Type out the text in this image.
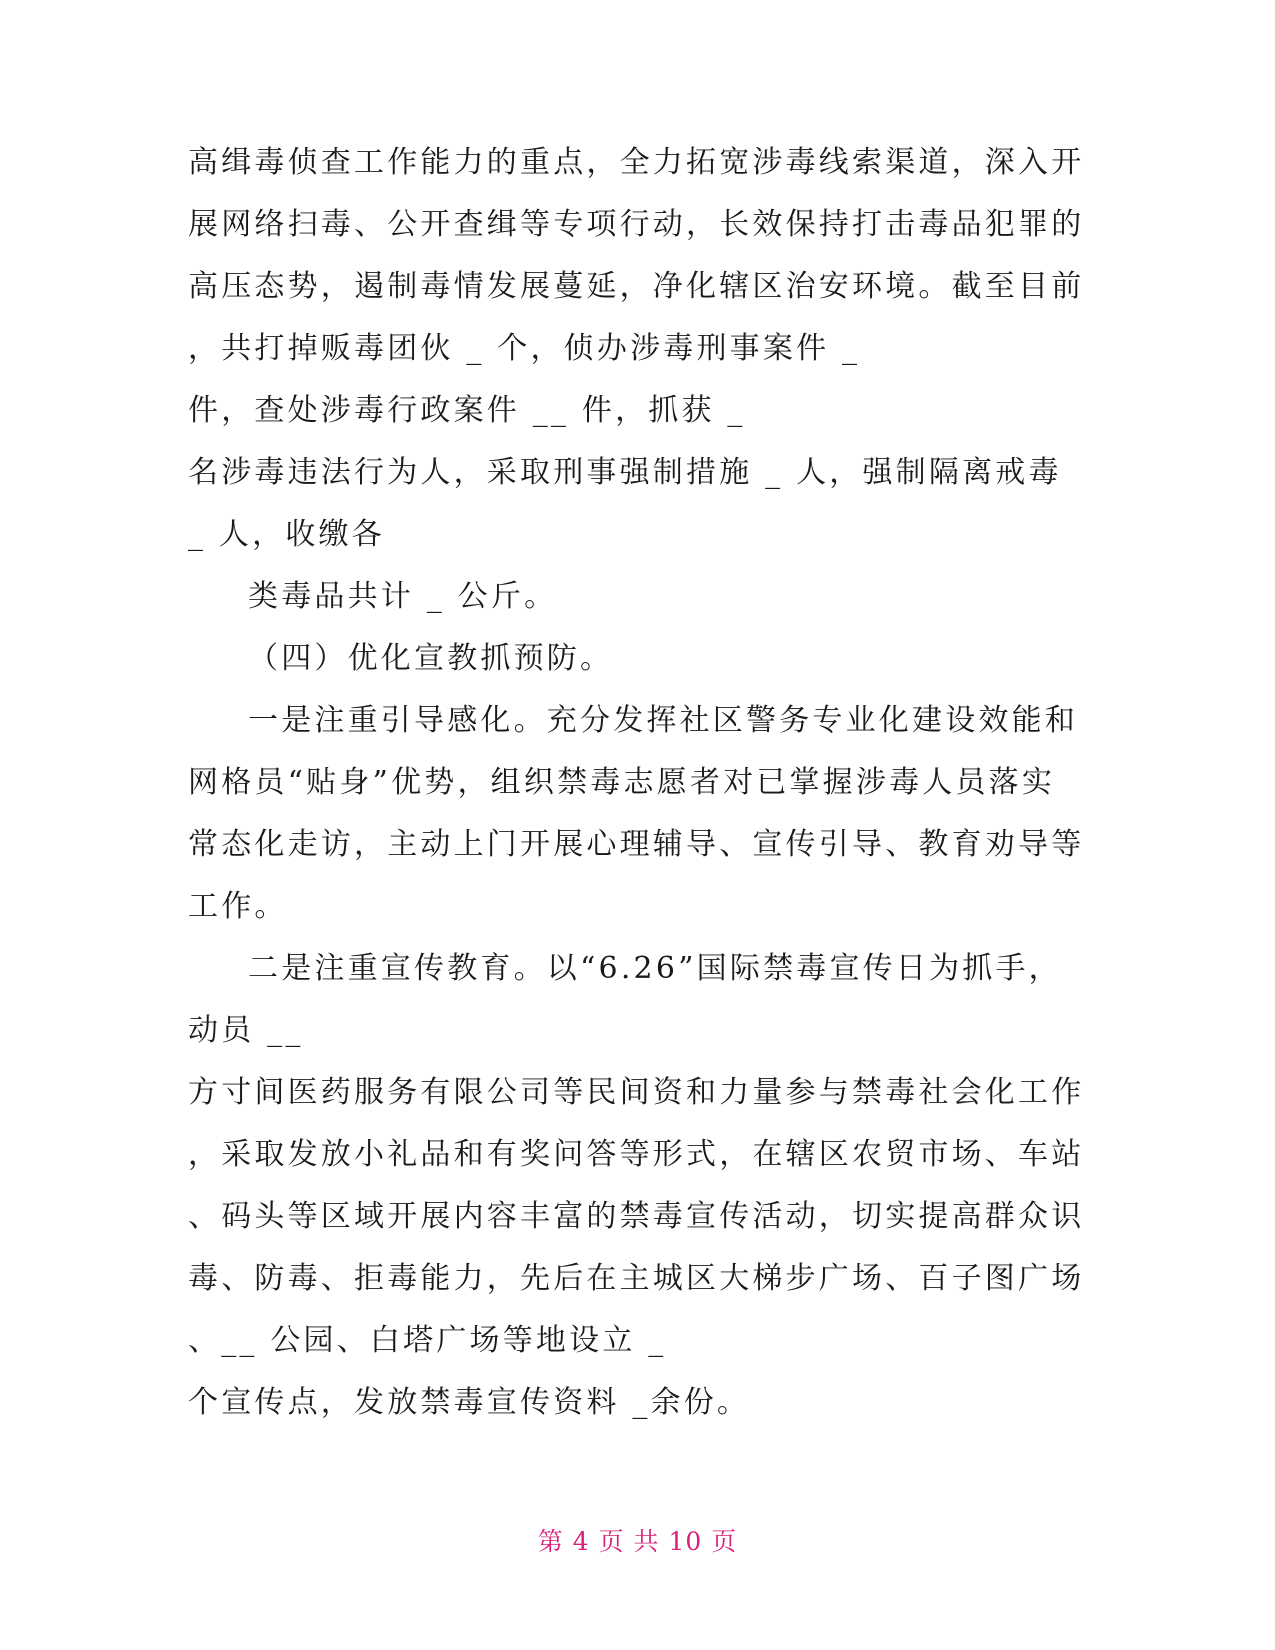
高缉毒侦查工作能力的重点，全力拓宽涉毒线索渠道，深入开
展网络扫毒、公开查缉等专项行动，长效保持打击毒品犯罪的
高压态势，遏制毒情发展蔓延，净化辖区治安环境。截至目前
，共打掉贩毒团伙 _ 个，侦办涉毒刑事案件 _
件，查处涉毒行政案件 __ 件，抓获 _
名涉毒违法行为人，采取刑事强制措施 _ 人，强制隔离戒毒
_ 人，收缴各
类毒品共计 _ 公斤。
（四）优化宣教抓预防。
一是注重引导感化。充分发挥社区警务专业化建设效能和
网格员“贴身”优势，组织禁毒志愿者对已掌握涉毒人员落实
常态化走访，主动上门开展心理辅导、宣传引导、教育劝导等
工作。
二是注重宣传教育。以“6.26”国际禁毒宣传日为抓手，
动员 __
方寸间医药服务有限公司等民间资和力量参与禁毒社会化工作
，采取发放小礼品和有奖问答等形式，在辖区农贸市场、车站
、码头等区域开展内容丰富的禁毒宣传活动，切实提高群众识
毒、防毒、拒毒能力，先后在主城区大梯步广场、百子图广场
、__ 公园、白塔广场等地设立 _
个宣传点，发放禁毒宣传资料 _余份。
第 4 页 共 10 页
